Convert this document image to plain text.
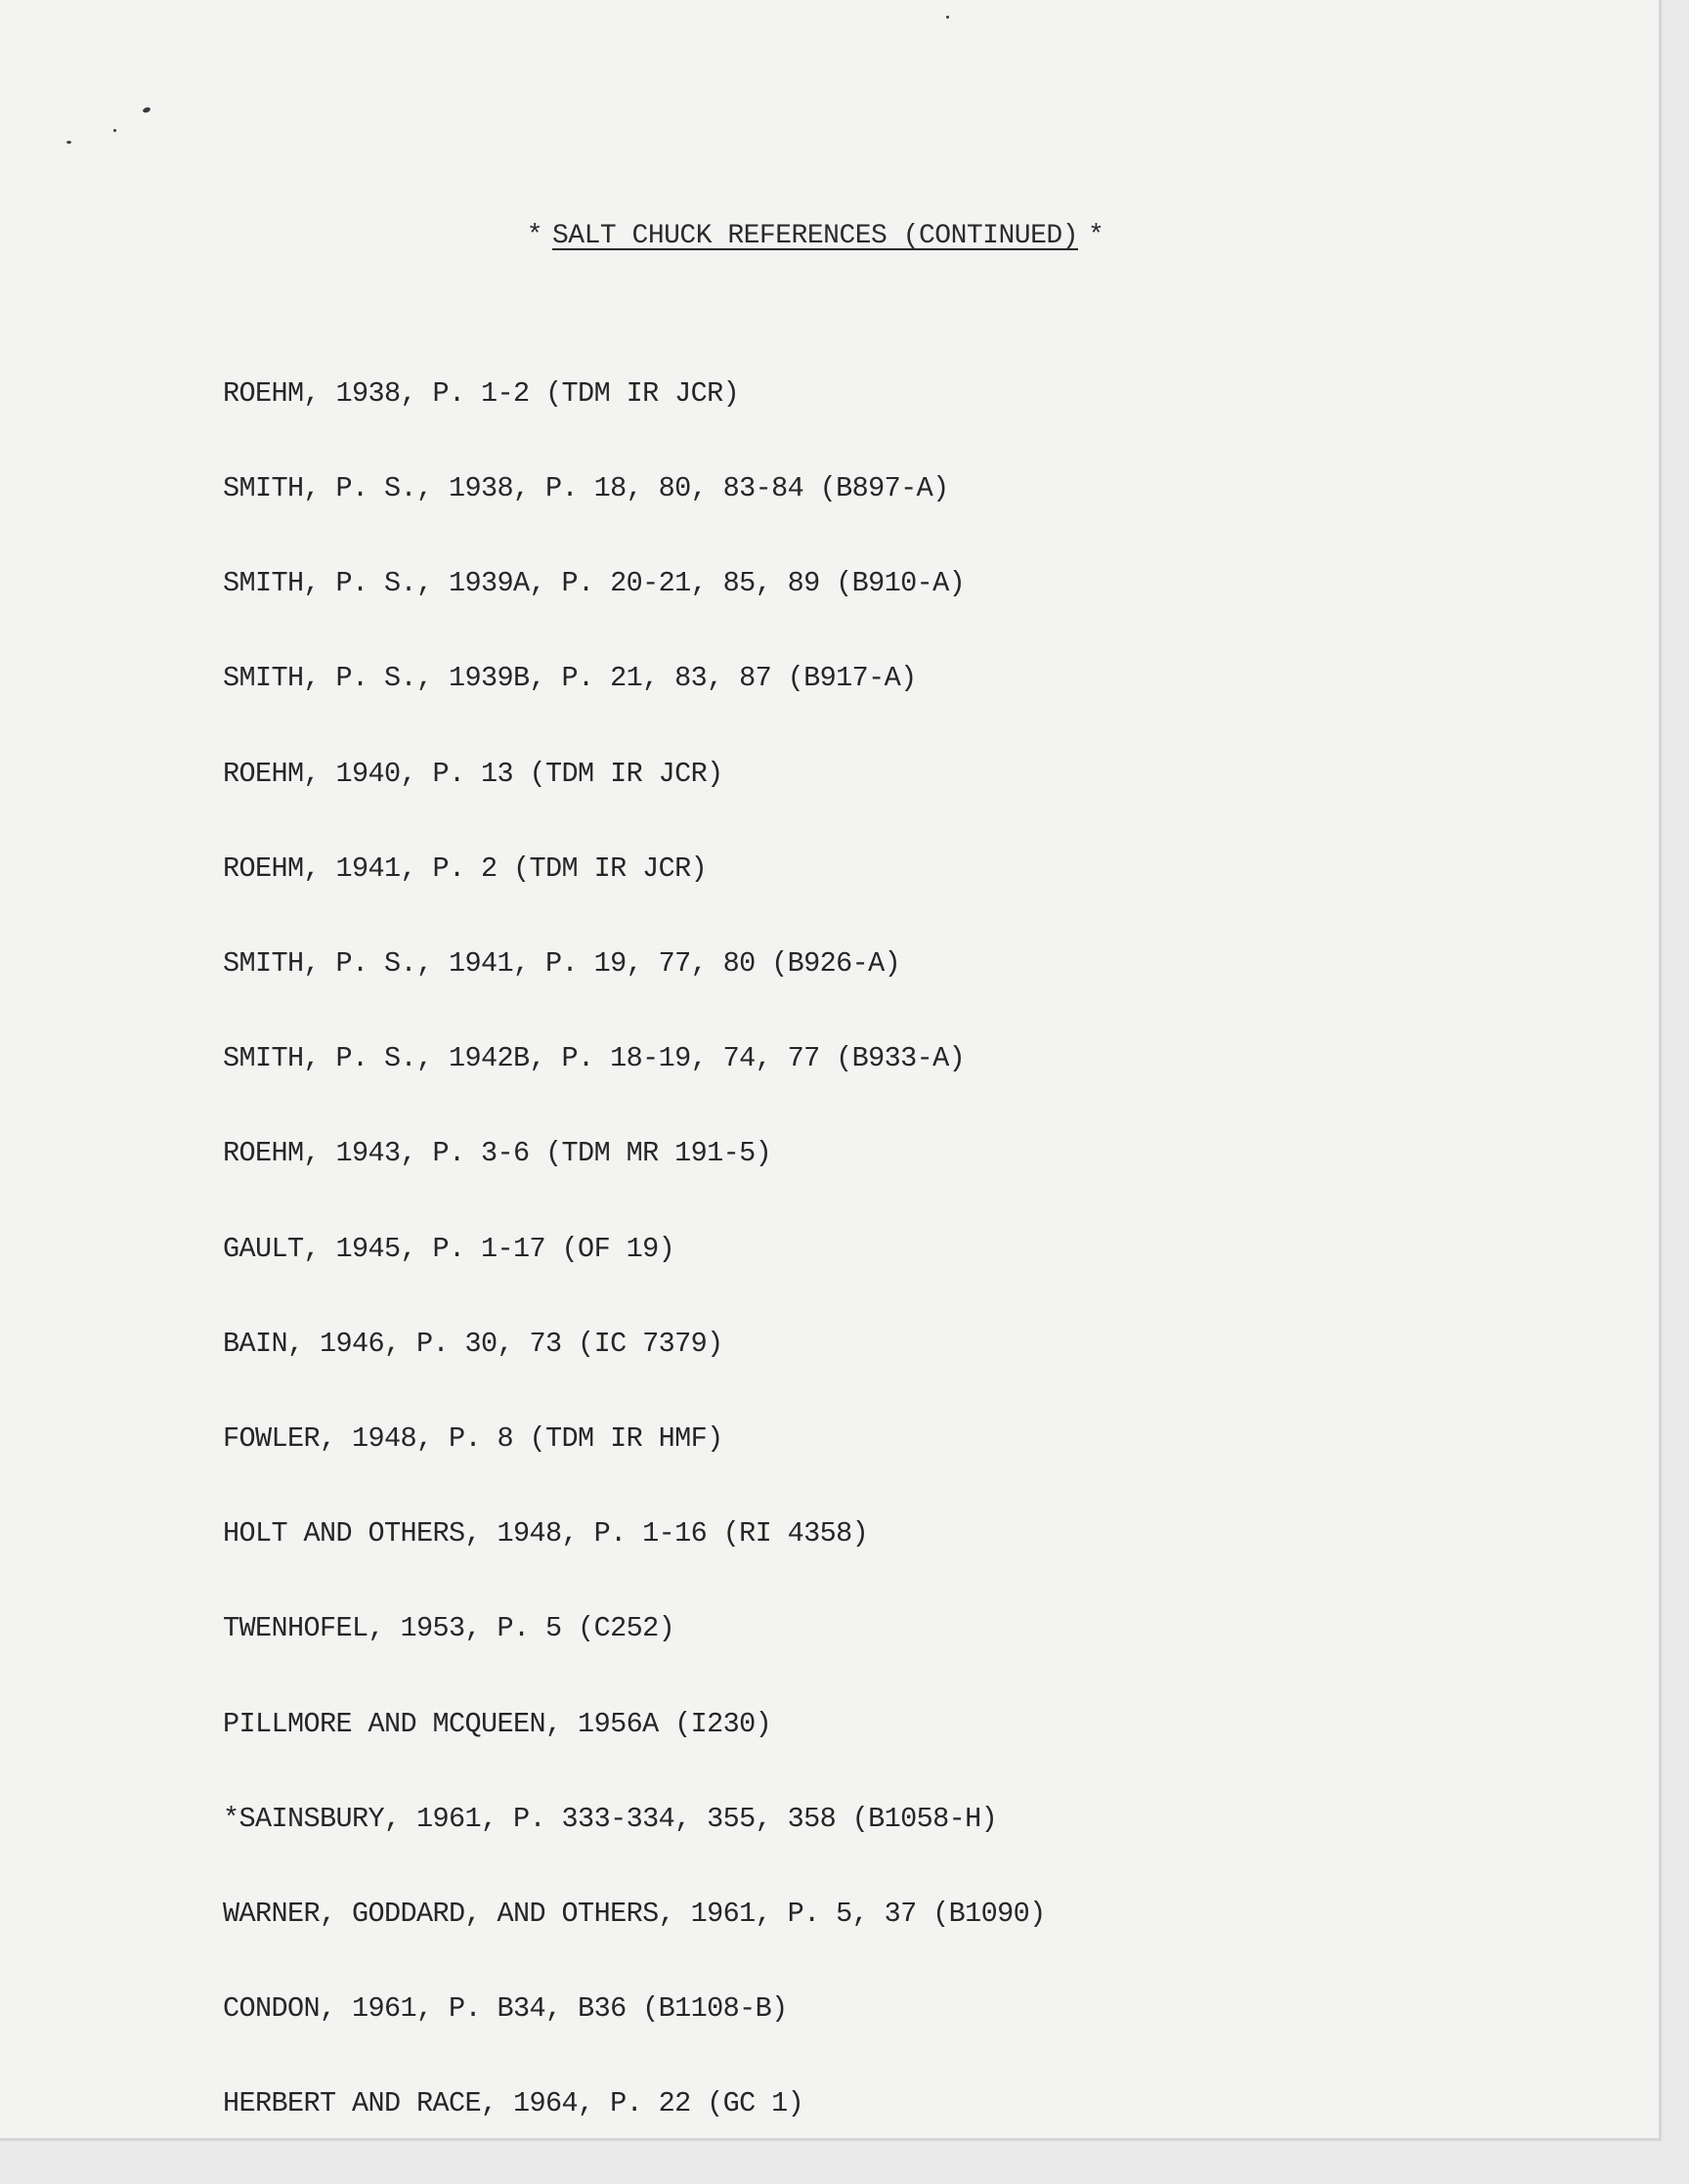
* SALT CHUCK REFERENCES (CONTINUED) *

ROEHM, 1938, P. 1-2 (TDM IR JCR)

SMITH, P. S., 1938, P. 18, 80, 83-84 (B897-A)

SMITH, P. S., 1939A, P. 20-21, 85, 89 (B910-A)

SMITH, P. S., 1939B, P. 21, 83, 87 (B917-A)

ROEHM, 1940, P. 13 (TDM IR JCR)

ROEHM, 1941, P. 2 (TDM IR JCR)

SMITH, P. S., 1941, P. 19, 77, 80 (B926-A)

SMITH, P. S., 1942B, P. 18-19, 74, 77 (B933-A)

ROEHM, 1943, P. 3-6 (TDM MR 191-5)

GAULT, 1945, P. 1-17 (OF 19)

BAIN, 1946, P. 30, 73 (IC 7379)

FOWLER, 1948, P. 8 (TDM IR HMF)

HOLT AND OTHERS, 1948, P. 1-16 (RI 4358)

TWENHOFEL, 1953, P. 5 (C252)

PILLMORE AND MCQUEEN, 1956A (I230)

*SAINSBURY, 1961, P. 333-334, 355, 358 (B1058-H)

WARNER, GODDARD, AND OTHERS, 1961, P. 5, 37 (B1090)

CONDON, 1961, P. B34, B36 (B1108-B)

HERBERT AND RACE, 1964, P. 22 (GC 1)
